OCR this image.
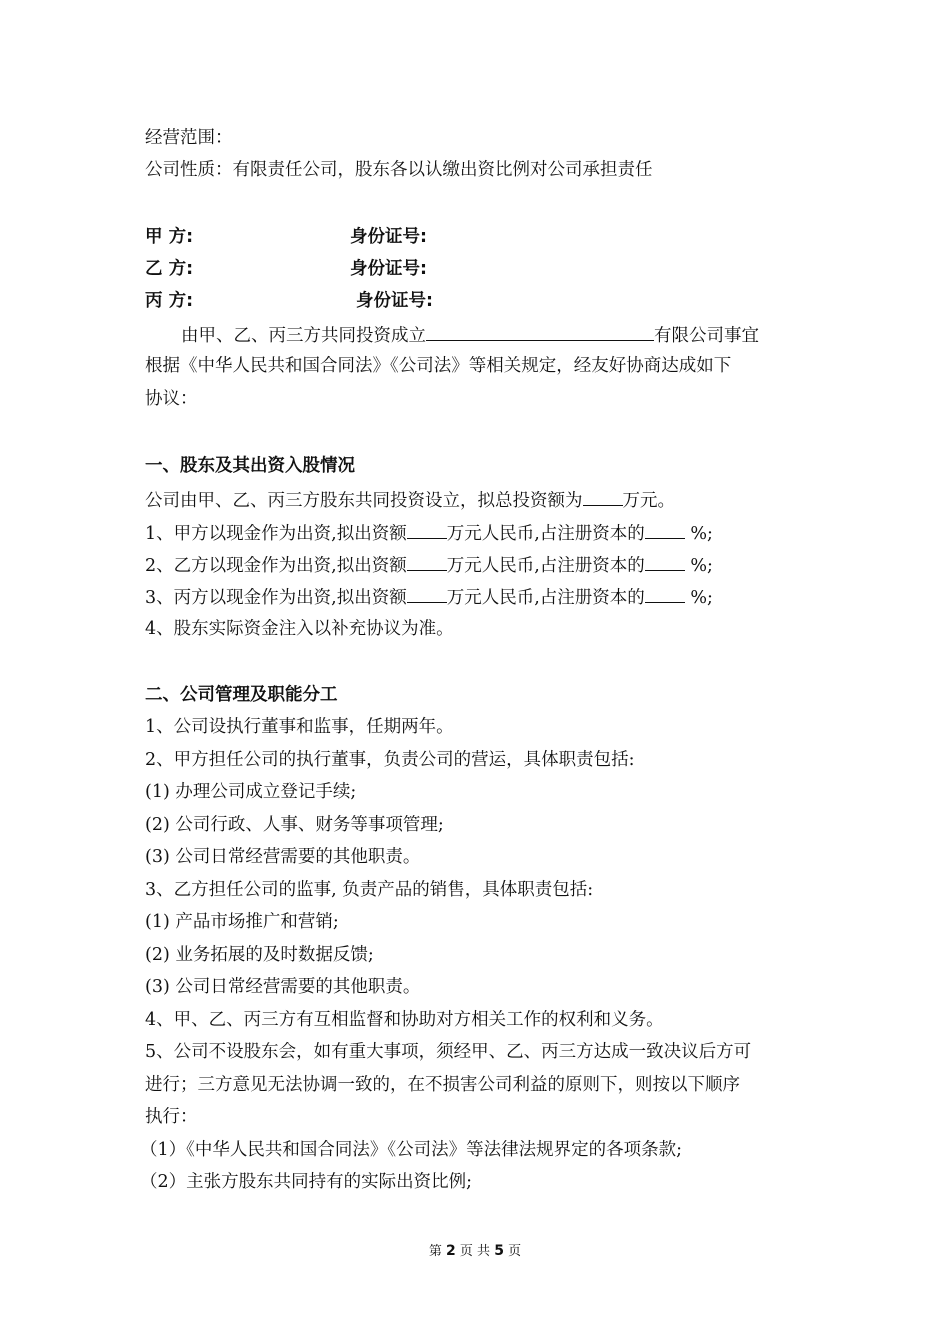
经营范围：
公司性质：有限责任公司，股东各以认缴出资比例对公司承担责任
甲 方:	身份证号:
乙 方:	身份证号:
丙 方:	身份证号:
由甲、乙、丙三方共同投资成立	有限公司事宜
根据《中华人民共和国合同法》《公司法》等相关规定，经友好协商达成如下
协议：
一、股东及其出资入股情况
公司由甲、乙、丙三方股东共同投资设立，拟总投资额为 万元。
1、甲方以现金作为出资,拟出资额 万元人民币,占注册资本的 %;
2、乙方以现金作为出资,拟出资额 万元人民币,占注册资本的 %;
3、丙方以现金作为出资,拟出资额 万元人民币,占注册资本的 %;
4、股东实际资金注入以补充协议为准。
二、公司管理及职能分工
1、公司设执行董事和监事，任期两年。
2、甲方担任公司的执行董事，负责公司的营运，具体职责包括:
(1) 办理公司成立登记手续;
(2) 公司行政、人事、财务等事项管理;
(3) 公司日常经营需要的其他职责。
3、乙方担任公司的监事, 负责产品的销售，具体职责包括:
(1) 产品市场推广和营销;
(2) 业务拓展的及时数据反馈;
(3) 公司日常经营需要的其他职责。
4、甲、乙、丙三方有互相监督和协助对方相关工作的权利和义务。
5、公司不设股东会，如有重大事项，须经甲、乙、丙三方达成一致决议后方可
进行；三方意见无法协调一致的，在不损害公司利益的原则下，则按以下顺序
执行：
（1）《中华人民共和国合同法》《公司法》等法律法规界定的各项条款;
（2）主张方股东共同持有的实际出资比例;
第 2 页 共 5 页
